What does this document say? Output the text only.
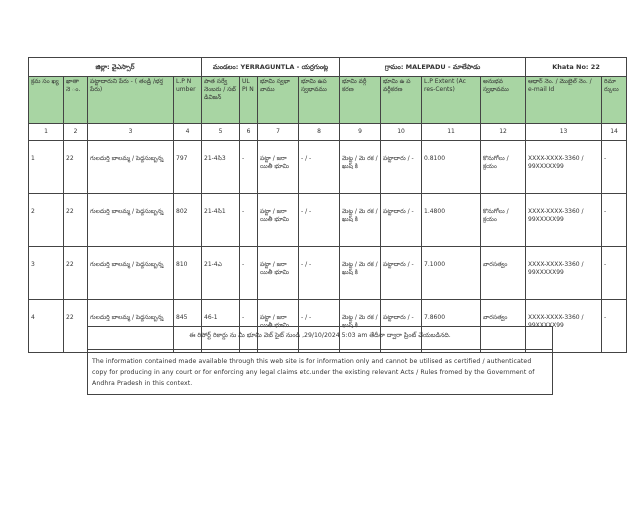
జిల్లా: వైఎస్సార్				మండలం: YERRAGUNTLA - యర్రగుంట్ల				గ్రామం: MALEPADU - మాలేపాడు				Khata No: 22	
క్రమ సం ఖ్య	ఖాతా నె ం.	పట్టాదారుని పేరు - ( తండ్రి /భర్త పేరు)	L.P N umber	పాత సర్వే నెంబరు / సబ్ డివిజన్	UL PI N	భూమి స్వభా వాము	భూమి ఉప స్వభావము	భూమి వర్గీ కరణ	భూమి ఉ ప వర్గీకరణ	L.P Extent (Ac res-Cents)	అనుభవ స్వభావము	ఆధార్ నెం. / మొబైల్ నెం. / e-mail Id	రిమా ర్కులు
1	2	3	4	5	6	7	8	9	10	11	12	13	14
1	22	గులదుర్తి బాలమ్మ / పెద్దసుబ్బన్న	797	21-4సి3	-	పట్టా / జరా యితీ భూమి	- / -	మెట్ట / మె రక / ఖుష్ కి	పట్టాదారు / -	0.8100	కొనుగోలు / క్రయం	XXXX-XXXX-3360 / 99XXXXX99	-
2	22	గులదుర్తి బాలమ్మ / పెద్దసుబ్బన్న	802	21-4సి1	-	పట్టా / జరా యితీ భూమి	- / -	మెట్ట / మె రక / ఖుష్ కి	పట్టాదారు / -	1.4800	కొనుగోలు / క్రయం	XXXX-XXXX-3360 / 99XXXXX99	-
3	22	గులదుర్తి బాలమ్మ / పెద్దసుబ్బన్న	810	21-4ఎ	-	పట్టా / జరా యితీ భూమి	- / -	మెట్ట / మె రక / ఖుష్ కి	పట్టాదారు / -	7.1000	వారసత్వం	XXXX-XXXX-3360 / 99XXXXX99	-
4	22	గులదుర్తి బాలమ్మ / పెద్దసుబ్బన్న	845	46-1	-	పట్టా / జరా యితీ భూమి	- / -	మెట్ట / మె రక / ఖుష్ కి	పట్టాదారు / -	7.8600	వారసత్వం	XXXX-XXXX-3360 / 99XXXXX99	-
ఈ రిపోర్ట్ రికార్డు ను మీ భూమి వెబ్ సైట్ నుండి ,29/10/2024 5:03 am తేదీనా ద్వారా ప్రింట్ చేయబడినది.
The information contained made available through this web site is for information only and cannot be utilised as certified / authenticated copy for producing in any court or for enforcing any legal claims etc.under the existing relevant Acts / Rules fromed by the Government of Andhra Pradesh in this context.
